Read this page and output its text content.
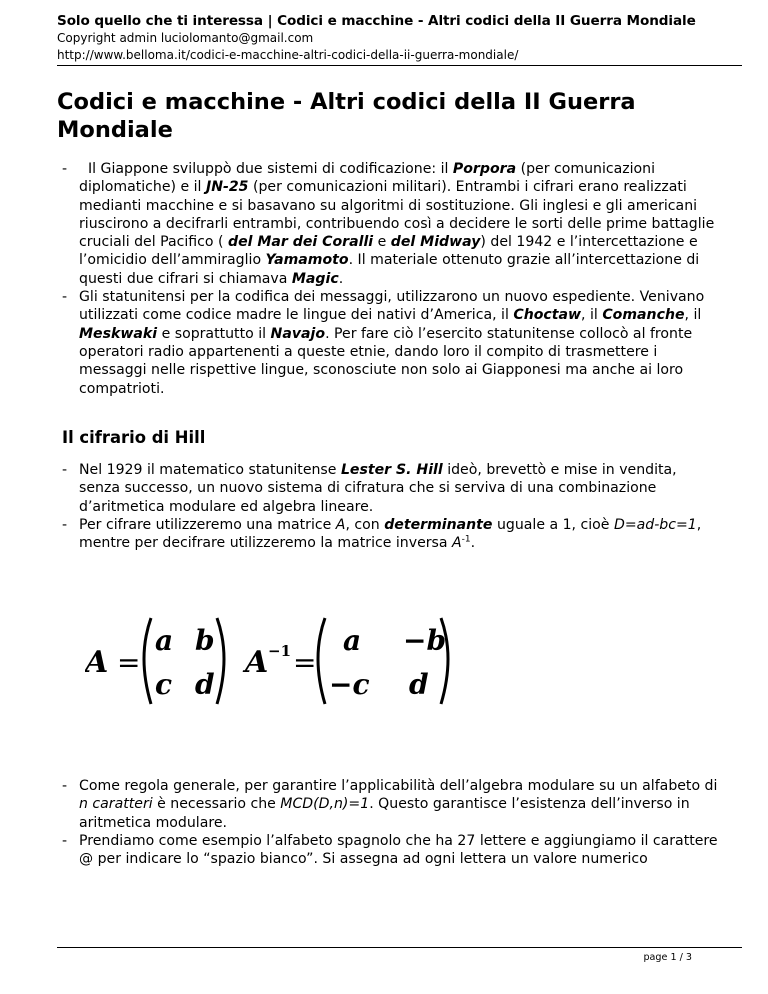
Solo quello che ti interessa | Codici e macchine - Altri codici della II Guerra Mondiale
Copyright admin luciolomanto@gmail.com
http://www.belloma.it/codici-e-macchine-altri-codici-della-ii-guerra-mondiale/
Codici e macchine - Altri codici della II Guerra Mondiale
- Il Giappone sviluppò due sistemi di codificazione: il Porpora (per comunicazioni diplomatiche) e il JN-25 (per comunicazioni militari). Entrambi i cifrari erano realizzati medianti macchine e si basavano su algoritmi di sostituzione. Gli inglesi e gli americani riuscirono a decifrarli entrambi, contribuendo così a decidere le sorti delle prime battaglie cruciali del Pacifico ( del Mar dei Coralli e del Midway) del 1942 e l’intercettazione e l’omicidio dell’ammiraglio Yamamoto. Il materiale ottenuto grazie all’intercettazione di questi due cifrari si chiamava Magic.
- Gli statunitensi per la codifica dei messaggi, utilizzarono un nuovo espediente. Venivano utilizzati come codice madre le lingue dei nativi d’America, il Choctaw, il Comanche, il Meskwaki e soprattutto il Navajo. Per fare ciò l’esercito statunitense collocò al fronte operatori radio appartenenti a queste etnie, dando loro il compito di trasmettere i messaggi nelle rispettive lingue, sconosciute non solo ai Giapponesi ma anche ai loro compatrioti.
Il cifrario di Hill
- Nel 1929 il matematico statunitense Lester S. Hill ideò, brevettò e mise in vendita, senza successo, un nuovo sistema di cifratura che si serviva di una combinazione d’aritmetica modulare ed algebra lineare.
- Per cifrare utilizzeremo una matrice A, con determinante uguale a 1, cioè D=ad-bc=1, mentre per decifrare utilizzeremo la matrice inversa $A^{-1}$.
A =
a b
c d
A −1 =
a −b
−c d
- Come regola generale, per garantire l’applicabilità dell’algebra modulare su un alfabeto di n caratteri è necessario che MCD(D,n)=1. Questo garantisce l’esistenza dell’inverso in aritmetica modulare.
- Prendiamo come esempio l’alfabeto spagnolo che ha 27 lettere e aggiungiamo il carattere @ per indicare lo “spazio bianco”. Si assegna ad ogni lettera un valore numerico
page 1 / 3
